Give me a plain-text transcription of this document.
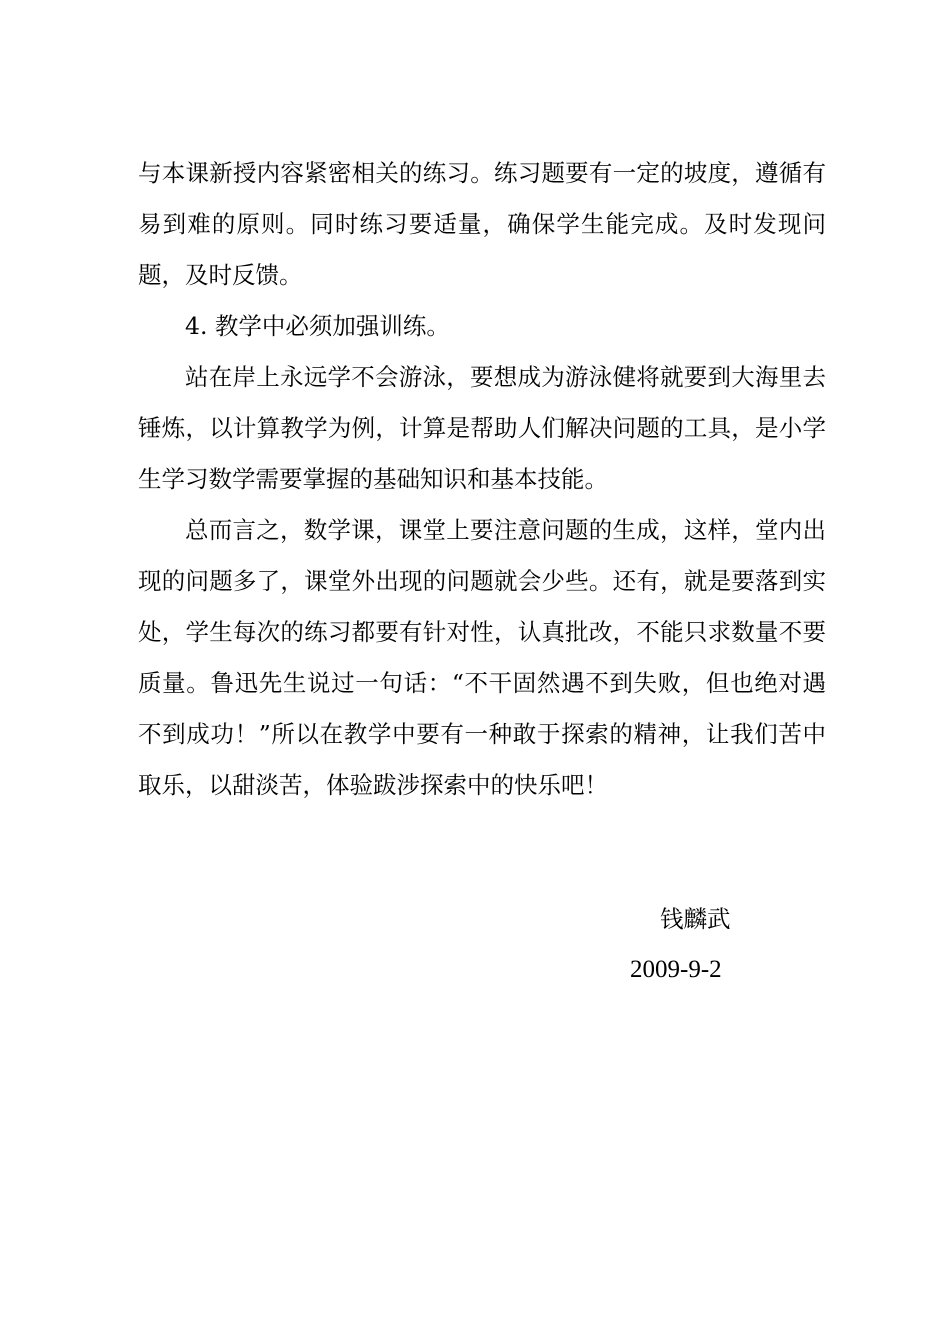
与本课新授内容紧密相关的练习。练习题要有一定的坡度，遵循有易到难的原则。同时练习要适量，确保学生能完成。及时发现问题，及时反馈。

4. 教学中必须加强训练。

站在岸上永远学不会游泳，要想成为游泳健将就要到大海里去锤炼，以计算教学为例，计算是帮助人们解决问题的工具，是小学生学习数学需要掌握的基础知识和基本技能。

总而言之，数学课，课堂上要注意问题的生成，这样，堂内出现的问题多了，课堂外出现的问题就会少些。还有，就是要落到实处，学生每次的练习都要有针对性，认真批改，不能只求数量不要质量。鲁迅先生说过一句话：“不干固然遇不到失败，但也绝对遇不到成功！”所以在教学中要有一种敢于探索的精神，让我们苦中取乐，以甜淡苦，体验跋涉探索中的快乐吧！

钱麟武
2009-9-2
